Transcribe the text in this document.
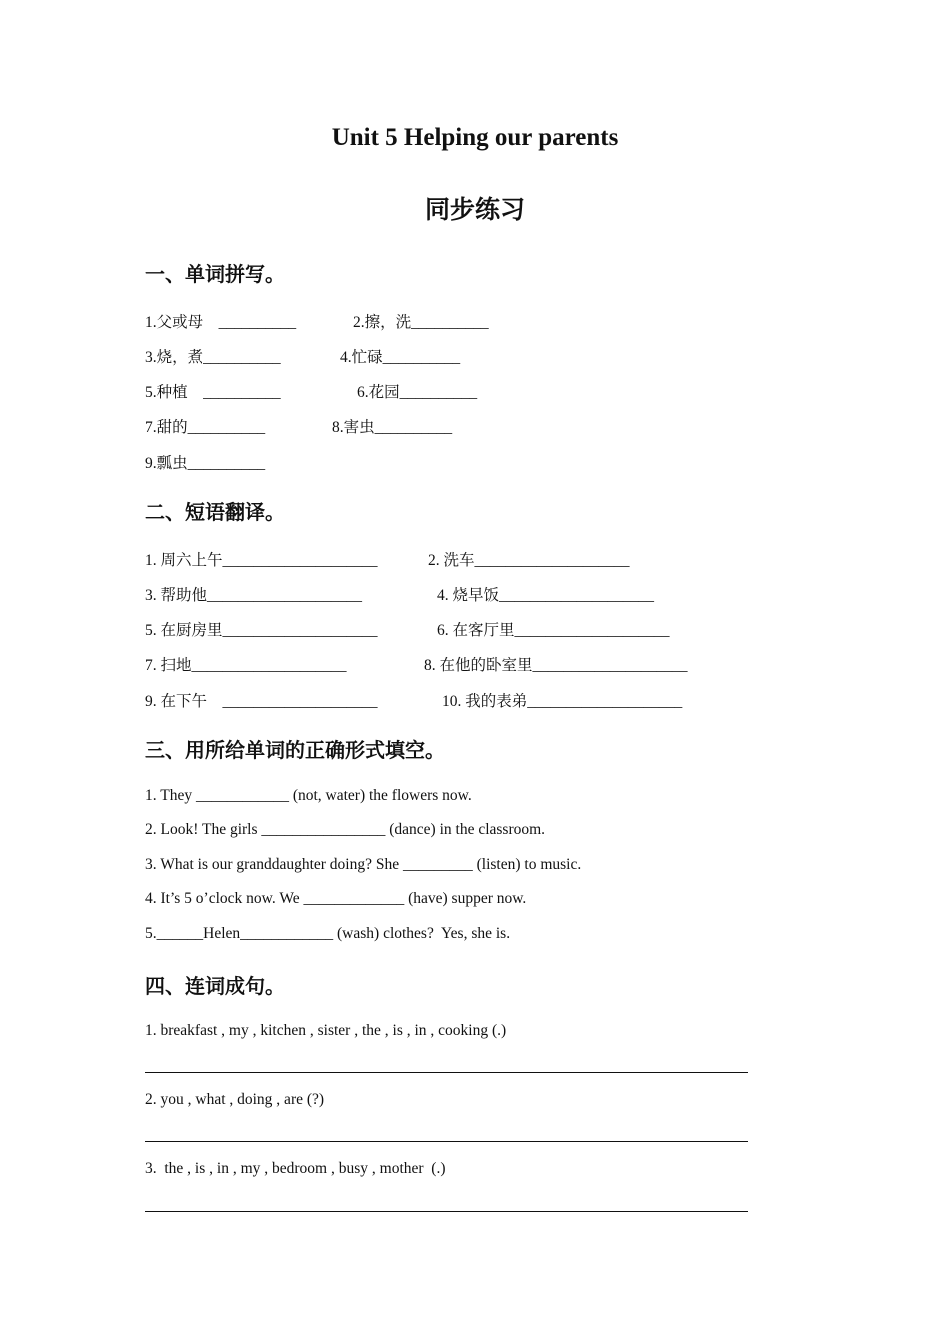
Unit 5 Helping our parents
同步练习
一、单词拼写。
1.父或母    __________	2.擦，洗__________
3.烧，煮__________	4.忙碌__________
5.种植    __________	6.花园__________
7.甜的__________	8.害虫__________
9.瓢虫__________
二、短语翻译。
1. 周六上午____________________	2. 洗车____________________
3. 帮助他____________________	4. 烧早饭____________________
5. 在厨房里____________________	6. 在客厅里____________________
7. 扫地____________________	8. 在他的卧室里____________________
9. 在下午    ____________________	10. 我的表弟____________________
三、用所给单词的正确形式填空。
1. They ____________ (not, water) the flowers now.
2. Look! The girls ________________ (dance) in the classroom.
3. What is our granddaughter doing? She _________ (listen) to music.
4. It’s 5 o’clock now. We _____________ (have) supper now.
5.______Helen____________ (wash) clothes?  Yes, she is.
四、连词成句。
1. breakfast , my , kitchen , sister , the , is , in , cooking (.)
2. you , what , doing , are (?)
3.  the , is , in , my , bedroom , busy , mother  (.)
